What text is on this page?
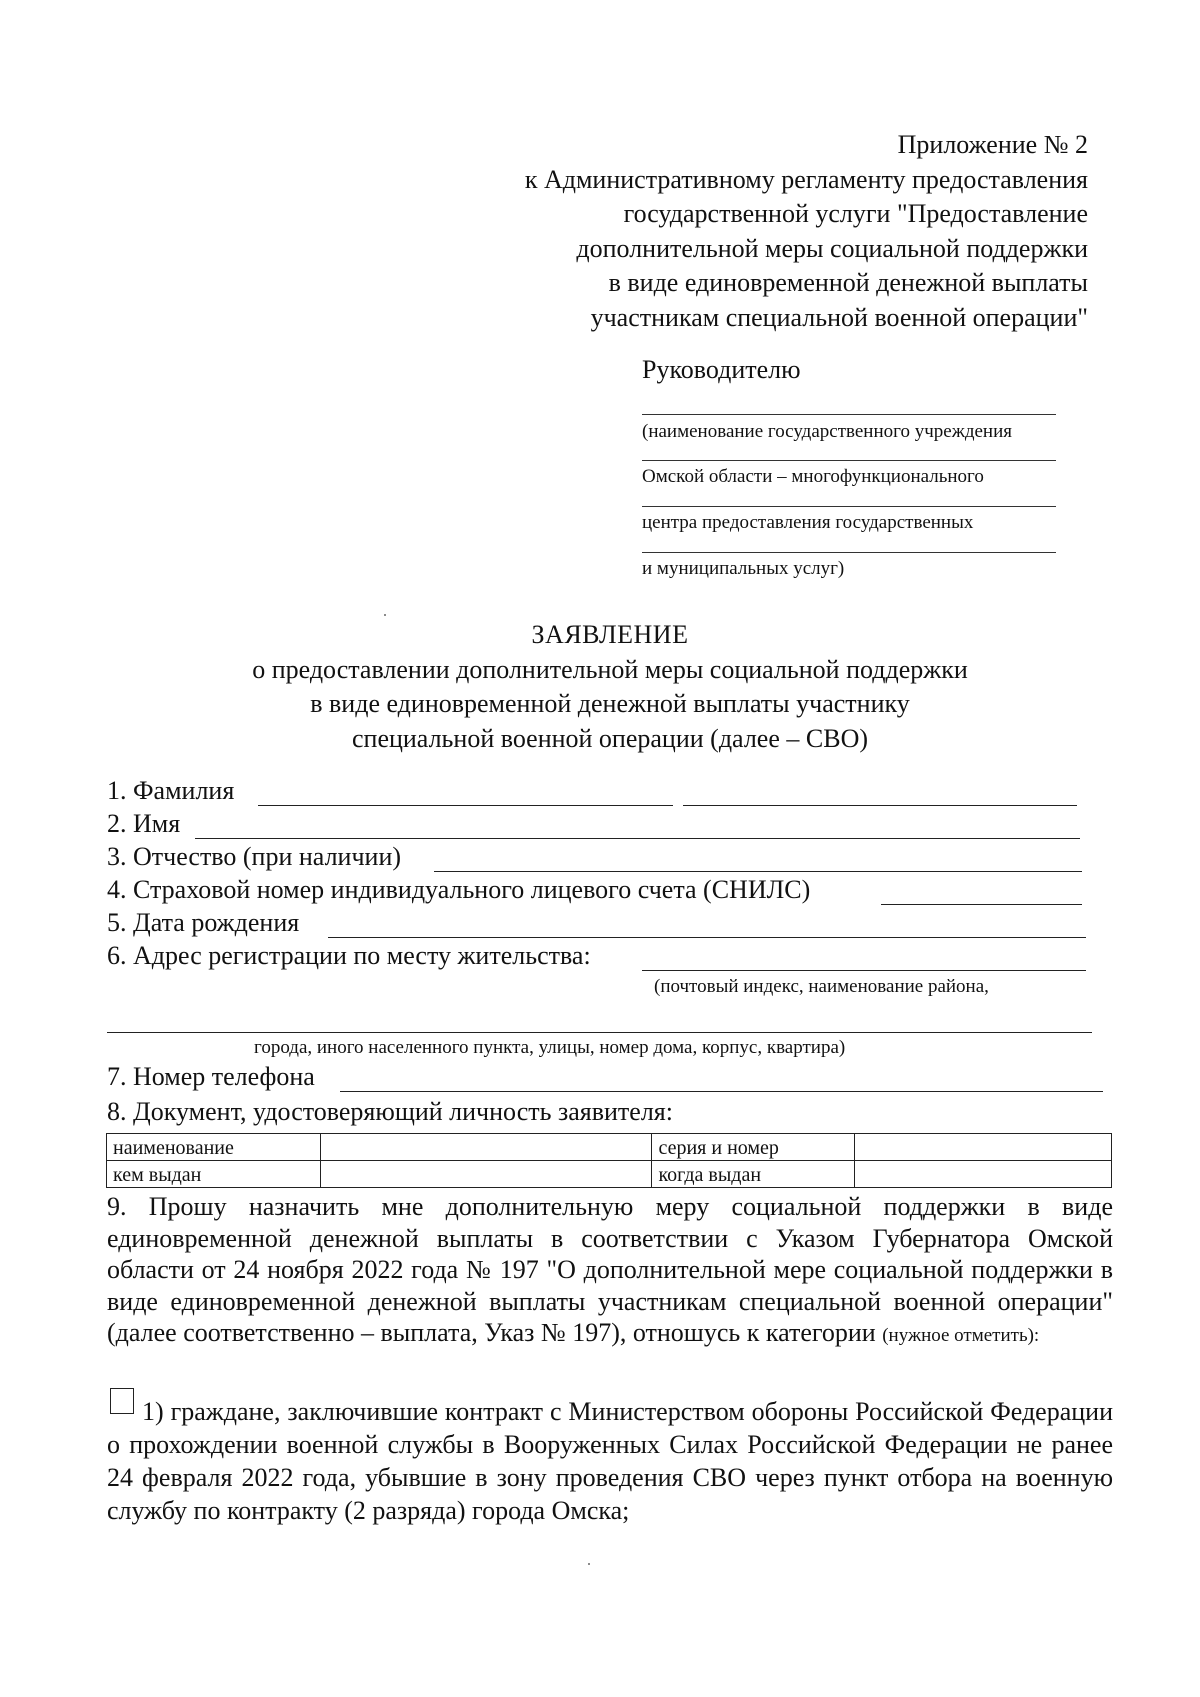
Приложение № 2
к Административному регламенту предоставления
государственной услуги "Предоставление
дополнительной меры социальной поддержки
в виде единовременной денежной выплаты
участникам специальной военной операции"
Руководителю
(наименование государственного учреждения
Омской области – многофункционального
центра предоставления государственных
и муниципальных услуг)
ЗАЯВЛЕНИЕ
о предоставлении дополнительной меры социальной поддержки
в виде единовременной денежной выплаты участнику
специальной военной операции (далее – СВО)
1. Фамилия
2. Имя
3. Отчество (при наличии)
4. Страховой номер индивидуального лицевого счета (СНИЛС)
5. Дата рождения
6. Адрес регистрации по месту жительства:
(почтовый индекс, наименование района,
города, иного населенного пункта, улицы, номер дома, корпус, квартира)
7. Номер телефона
8. Документ, удостоверяющий личность заявителя:
наименование		серия и номер	
кем выдан		когда выдан	
9. Прошу назначить мне дополнительную меру социальной поддержки в виде единовременной денежной выплаты в соответствии с Указом Губернатора Омской области от 24 ноября 2022 года № 197 "О дополнительной мере социальной поддержки в виде единовременной денежной выплаты участникам специальной военной операции" (далее соответственно – выплата, Указ № 197), отношусь к категории (нужное отметить):
1) граждане, заключившие контракт с Министерством обороны Российской Федерации о прохождении военной службы в Вооруженных Силах Российской Федерации не ранее 24 февраля 2022 года, убывшие в зону проведения СВО через пункт отбора на военную службу по контракту (2 разряда) города Омска;
